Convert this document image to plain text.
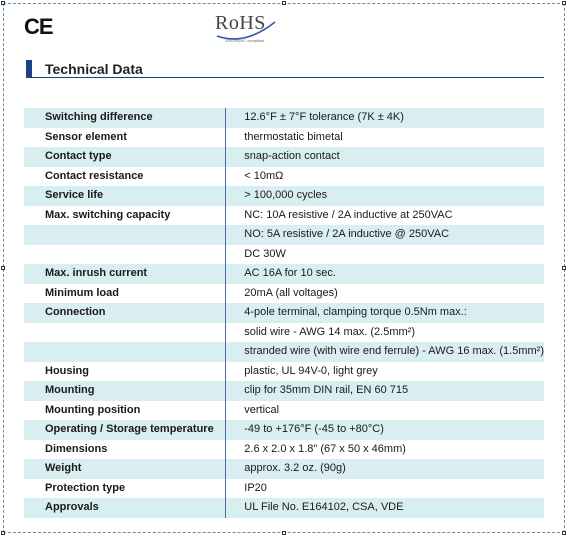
CE	RoHS
2002/95/EC compliant
Technical Data
Switching difference	12.6°F ± 7°F tolerance (7K ± 4K)
Sensor element	thermostatic bimetal
Contact type	snap-action contact
Contact resistance	< 10mΩ
Service life	> 100,000 cycles
Max. switching capacity	NC: 10A resistive / 2A inductive at 250VAC
	NO: 5A resistive / 2A inductive @ 250VAC
	DC 30W
Max. inrush current	AC 16A for 10 sec.
Minimum load	20mA (all voltages)
Connection	4-pole terminal, clamping torque 0.5Nm max.:
	solid wire - AWG 14 max. (2.5mm²)
	stranded wire (with wire end ferrule) - AWG 16 max. (1.5mm²)
Housing	plastic, UL 94V-0, light grey
Mounting	clip for 35mm DIN rail, EN 60 715
Mounting position	vertical
Operating / Storage temperature	-49 to +176°F (-45 to +80°C)
Dimensions	2.6 x 2.0 x 1.8" (67 x 50 x 46mm)
Weight	approx. 3.2 oz. (90g)
Protection type	IP20
Approvals	UL File No. E164102, CSA, VDE
